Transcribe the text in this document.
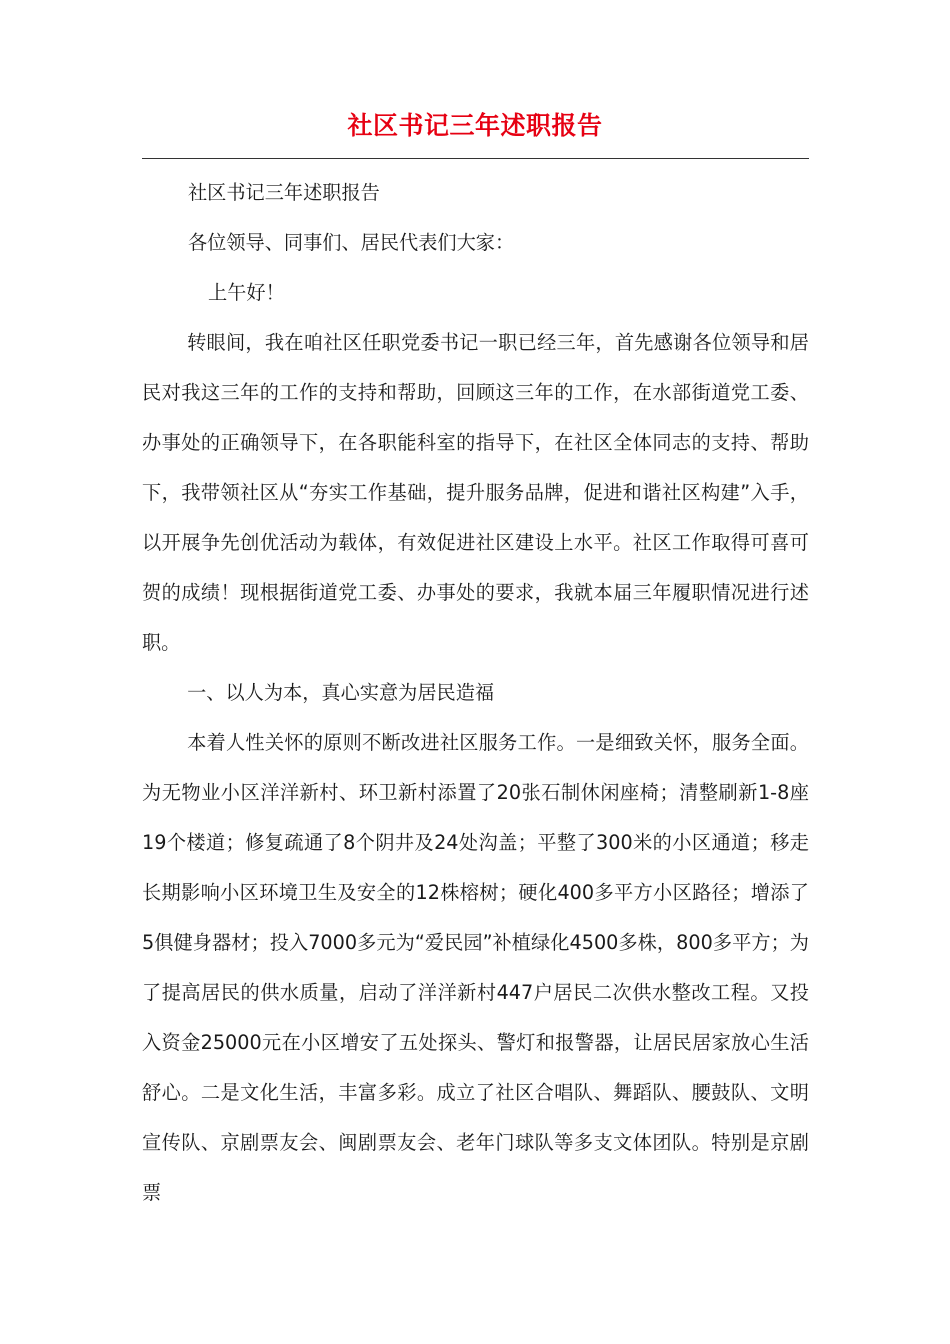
社区书记三年述职报告

社区书记三年述职报告

各位领导、同事们、居民代表们大家：

上午好！

转眼间，我在咱社区任职党委书记一职已经三年，首先感谢各位领导和居民对我这三年的工作的支持和帮助，回顾这三年的工作，在水部街道党工委、办事处的正确领导下，在各职能科室的指导下，在社区全体同志的支持、帮助下，我带领社区从“夯实工作基础，提升服务品牌，促进和谐社区构建”入手，以开展争先创优活动为载体，有效促进社区建设上水平。社区工作取得可喜可贺的成绩！现根据街道党工委、办事处的要求，我就本届三年履职情况进行述职。

一、以人为本，真心实意为居民造福

本着人性关怀的原则不断改进社区服务工作。一是细致关怀，服务全面。为无物业小区洋洋新村、环卫新村添置了20张石制休闲座椅；清整刷新1-8座19个楼道；修复疏通了8个阴井及24处沟盖；平整了300米的小区通道；移走长期影响小区环境卫生及安全的12株榕树；硬化400多平方小区路径；增添了5俱健身器材；投入7000多元为“爱民园”补植绿化4500多株，800多平方；为了提高居民的供水质量，启动了洋洋新村447户居民二次供水整改工程。又投入资金25000元在小区增安了五处探头、警灯和报警器，让居民居家放心生活舒心。二是文化生活，丰富多彩。成立了社区合唱队、舞蹈队、腰鼓队、文明宣传队、京剧票友会、闽剧票友会、老年门球队等多支文体团队。特别是京剧票
